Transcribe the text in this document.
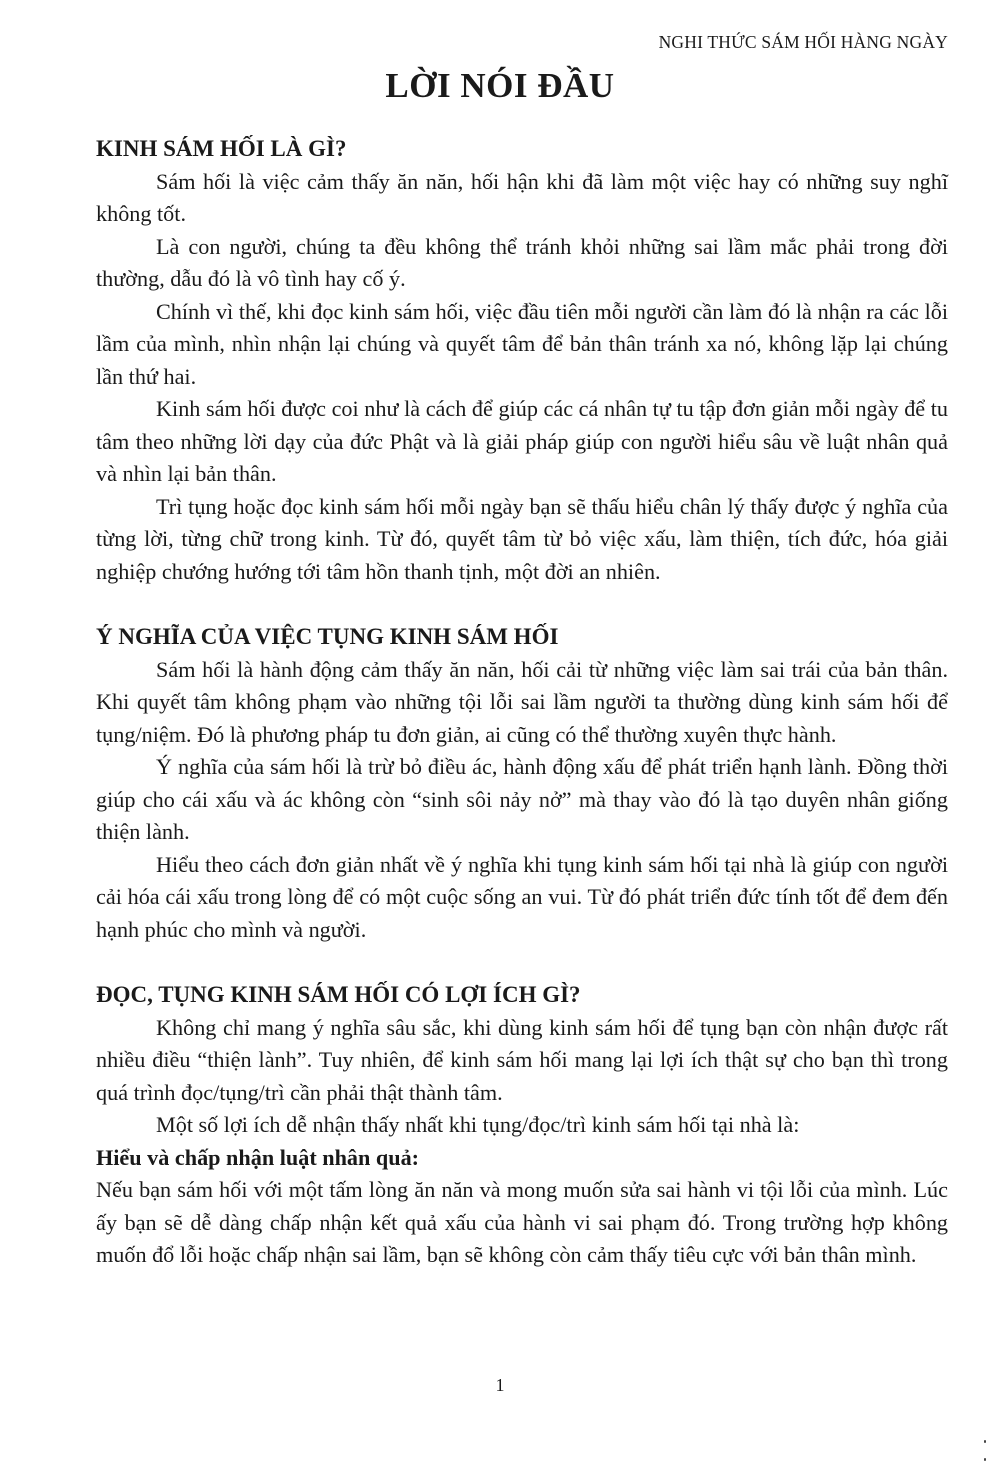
NGHI THỨC SÁM HỐI HÀNG NGÀY
LỜI NÓI ĐẦU
KINH SÁM HỐI LÀ GÌ?

Sám hối là việc cảm thấy ăn năn, hối hận khi đã làm một việc hay có những suy nghĩ không tốt.

Là con người, chúng ta đều không thể tránh khỏi những sai lầm mắc phải trong đời thường, dẫu đó là vô tình hay cố ý.

Chính vì thế, khi đọc kinh sám hối, việc đầu tiên mỗi người cần làm đó là nhận ra các lỗi lầm của mình, nhìn nhận lại chúng và quyết tâm để bản thân tránh xa nó, không lặp lại chúng lần thứ hai.

Kinh sám hối được coi như là cách để giúp các cá nhân tự tu tập đơn giản mỗi ngày để tu tâm theo những lời dạy của đức Phật và là giải pháp giúp con người hiểu sâu về luật nhân quả và nhìn lại bản thân.

Trì tụng hoặc đọc kinh sám hối mỗi ngày bạn sẽ thấu hiểu chân lý thấy được ý nghĩa của từng lời, từng chữ trong kinh. Từ đó, quyết tâm từ bỏ việc xấu, làm thiện, tích đức, hóa giải nghiệp chướng hướng tới tâm hồn thanh tịnh, một đời an nhiên.

Ý NGHĨA CỦA VIỆC TỤNG KINH SÁM HỐI

Sám hối là hành động cảm thấy ăn năn, hối cải từ những việc làm sai trái của bản thân. Khi quyết tâm không phạm vào những tội lỗi sai lầm người ta thường dùng kinh sám hối để tụng/niệm. Đó là phương pháp tu đơn giản, ai cũng có thể thường xuyên thực hành.

Ý nghĩa của sám hối là trừ bỏ điều ác, hành động xấu để phát triển hạnh lành. Đồng thời giúp cho cái xấu và ác không còn “sinh sôi nảy nở” mà thay vào đó là tạo duyên nhân giống thiện lành.

Hiểu theo cách đơn giản nhất về ý nghĩa khi tụng kinh sám hối tại nhà là giúp con người cải hóa cái xấu trong lòng để có một cuộc sống an vui. Từ đó phát triển đức tính tốt để đem đến hạnh phúc cho mình và người.

ĐỌC, TỤNG KINH SÁM HỐI CÓ LỢI ÍCH GÌ?

Không chỉ mang ý nghĩa sâu sắc, khi dùng kinh sám hối để tụng bạn còn nhận được rất nhiều điều “thiện lành”. Tuy nhiên, để kinh sám hối mang lại lợi ích thật sự cho bạn thì trong quá trình đọc/tụng/trì cần phải thật thành tâm.

Một số lợi ích dễ nhận thấy nhất khi tụng/đọc/trì kinh sám hối tại nhà là:

Hiểu và chấp nhận luật nhân quả:

Nếu bạn sám hối với một tấm lòng ăn năn và mong muốn sửa sai hành vi tội lỗi của mình. Lúc ấy bạn sẽ dễ dàng chấp nhận kết quả xấu của hành vi sai phạm đó. Trong trường hợp không muốn đổ lỗi hoặc chấp nhận sai lầm, bạn sẽ không còn cảm thấy tiêu cực với bản thân mình.

1
